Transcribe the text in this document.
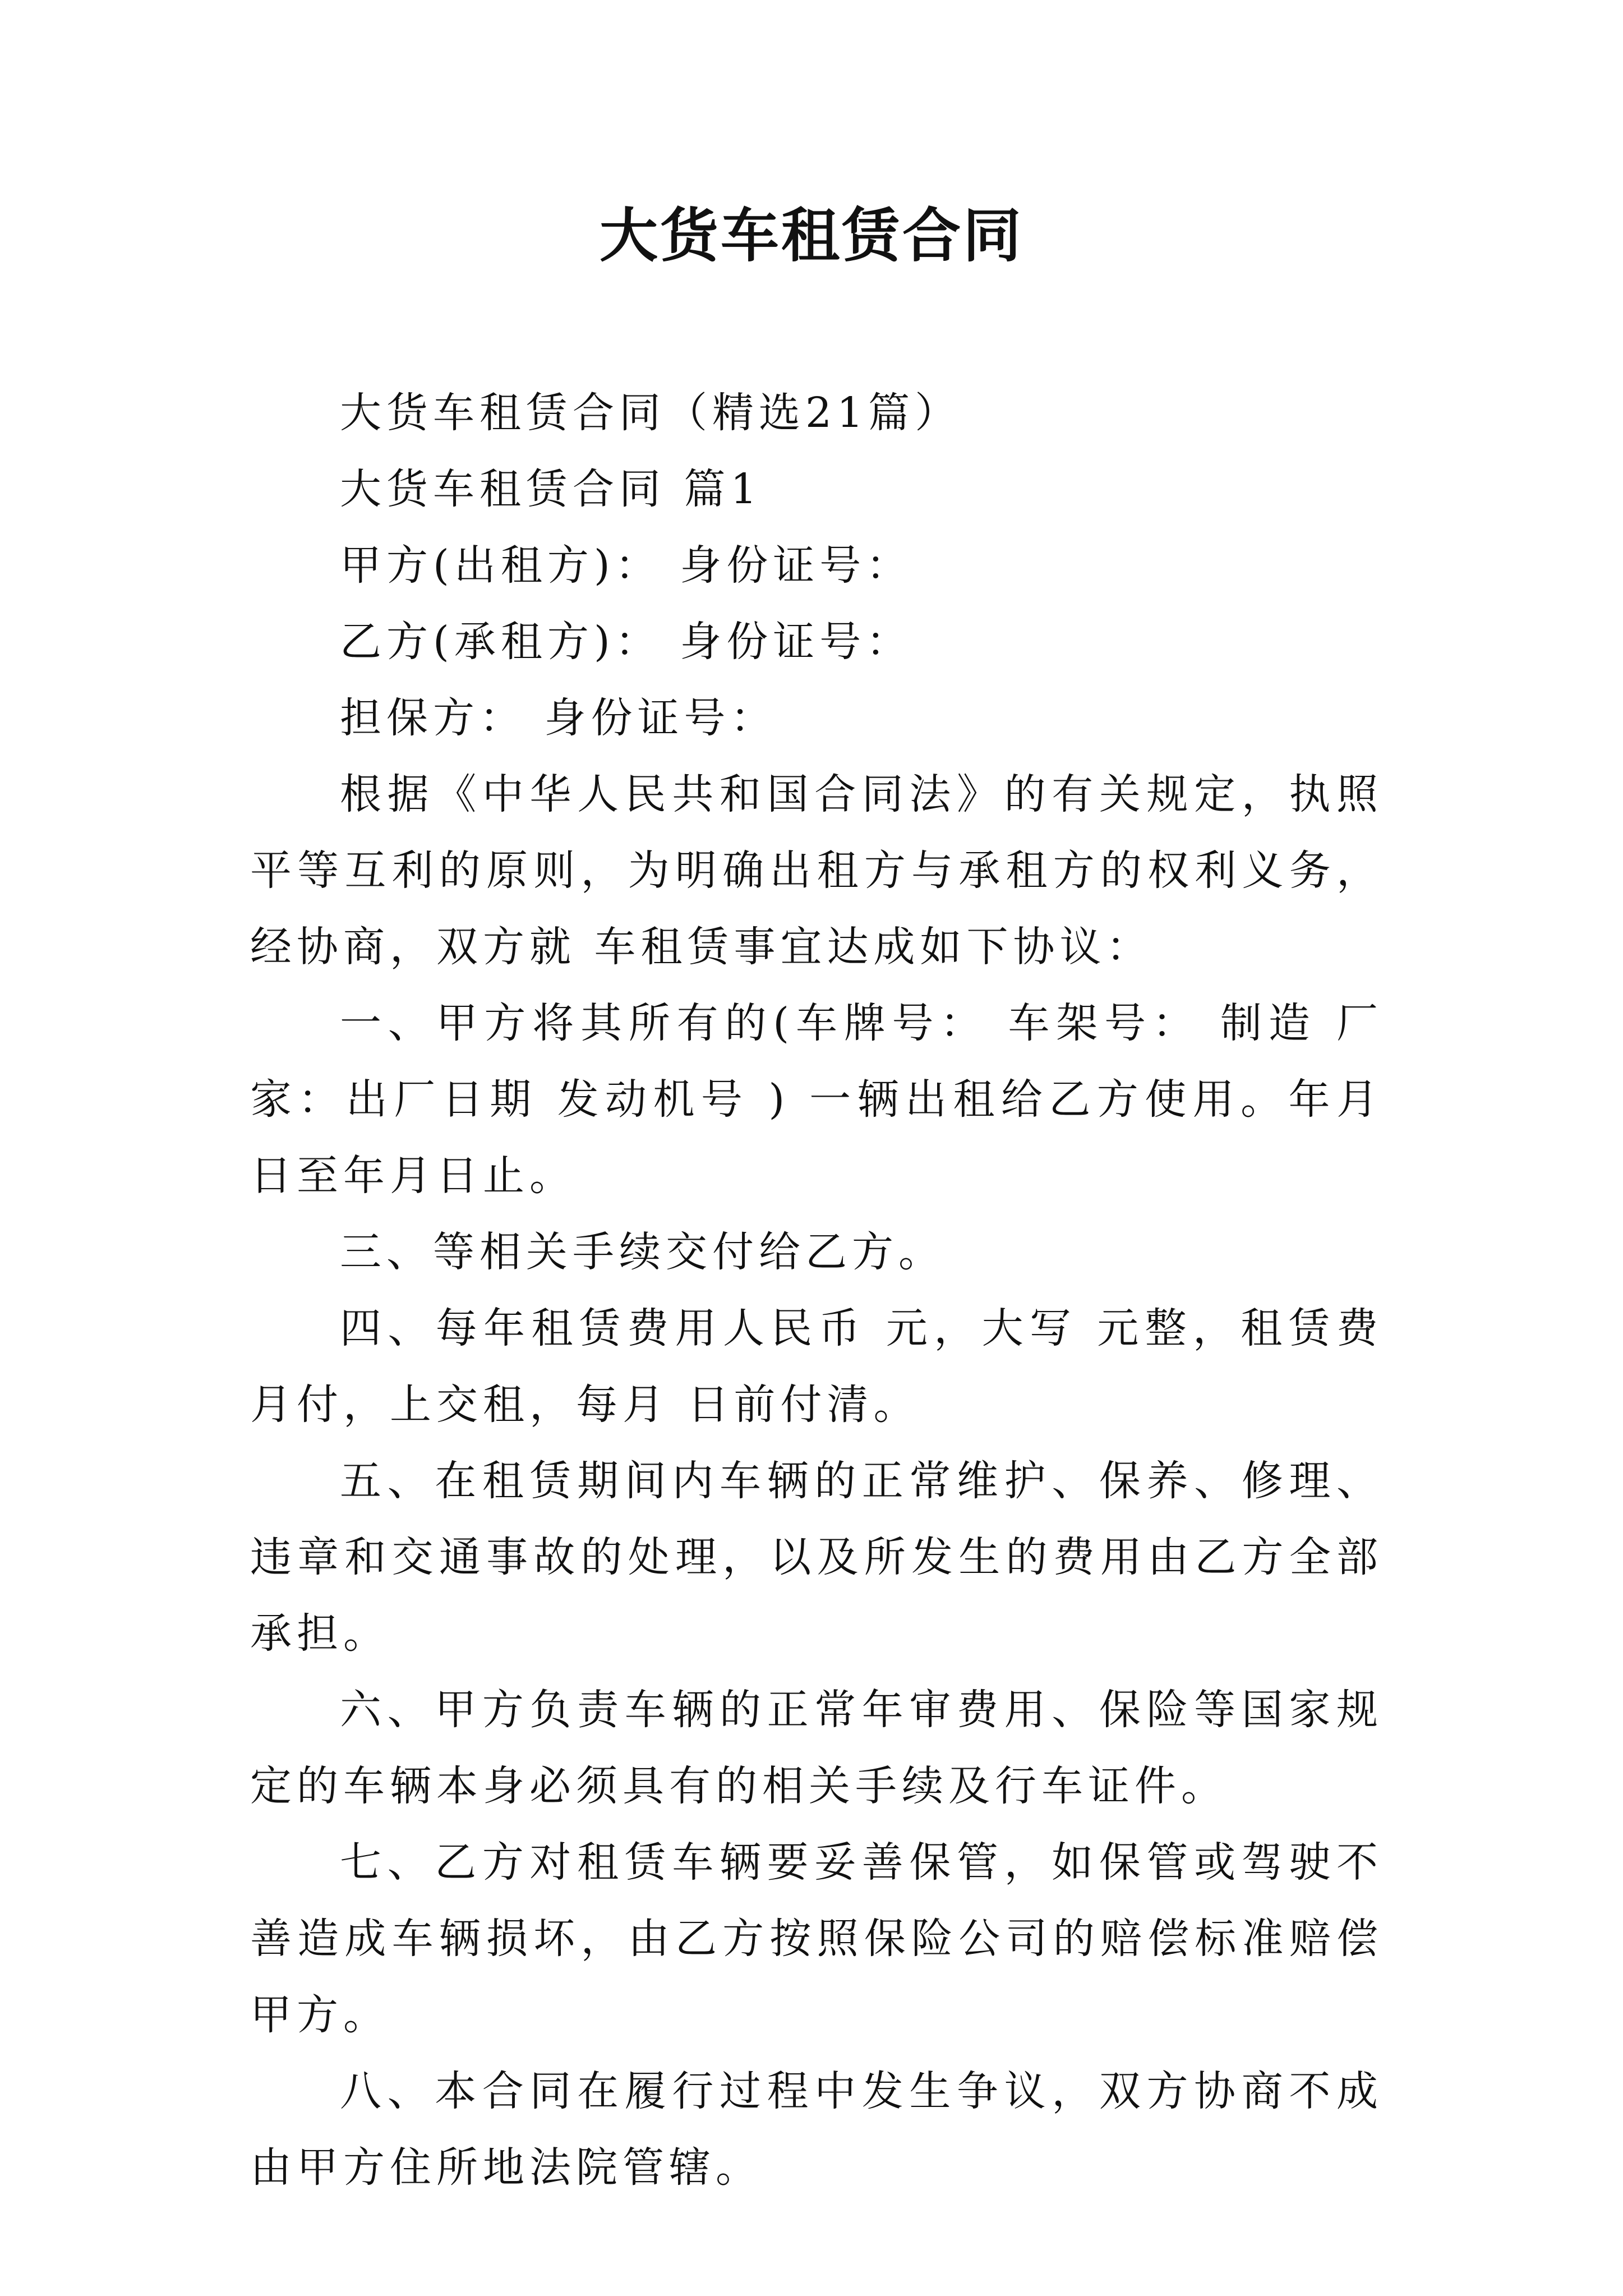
大货车租赁合同

大货车租赁合同（精选21篇）

大货车租赁合同 篇1

甲方(出租方)： 身份证号：

乙方(承租方)： 身份证号：

担保方： 身份证号：

根据《中华人民共和国合同法》的有关规定，执照平等互利的原则，为明确出租方与承租方的权利义务，经协商，双方就 车租赁事宜达成如下协议：

一、甲方将其所有的(车牌号： 车架号： 制造 厂家：出厂日期 发动机号 ) 一辆出租给乙方使用。年月日至年月日止。

三、等相关手续交付给乙方。

四、每年租赁费用人民币 元，大写 元整，租赁费月付，上交租，每月 日前付清。

五、在租赁期间内车辆的正常维护、保养、修理、违章和交通事故的处理，以及所发生的费用由乙方全部承担。

六、甲方负责车辆的正常年审费用、保险等国家规定的车辆本身必须具有的相关手续及行车证件。

七、乙方对租赁车辆要妥善保管，如保管或驾驶不善造成车辆损坏，由乙方按照保险公司的赔偿标准赔偿甲方。

八、本合同在履行过程中发生争议，双方协商不成由甲方住所地法院管辖。
